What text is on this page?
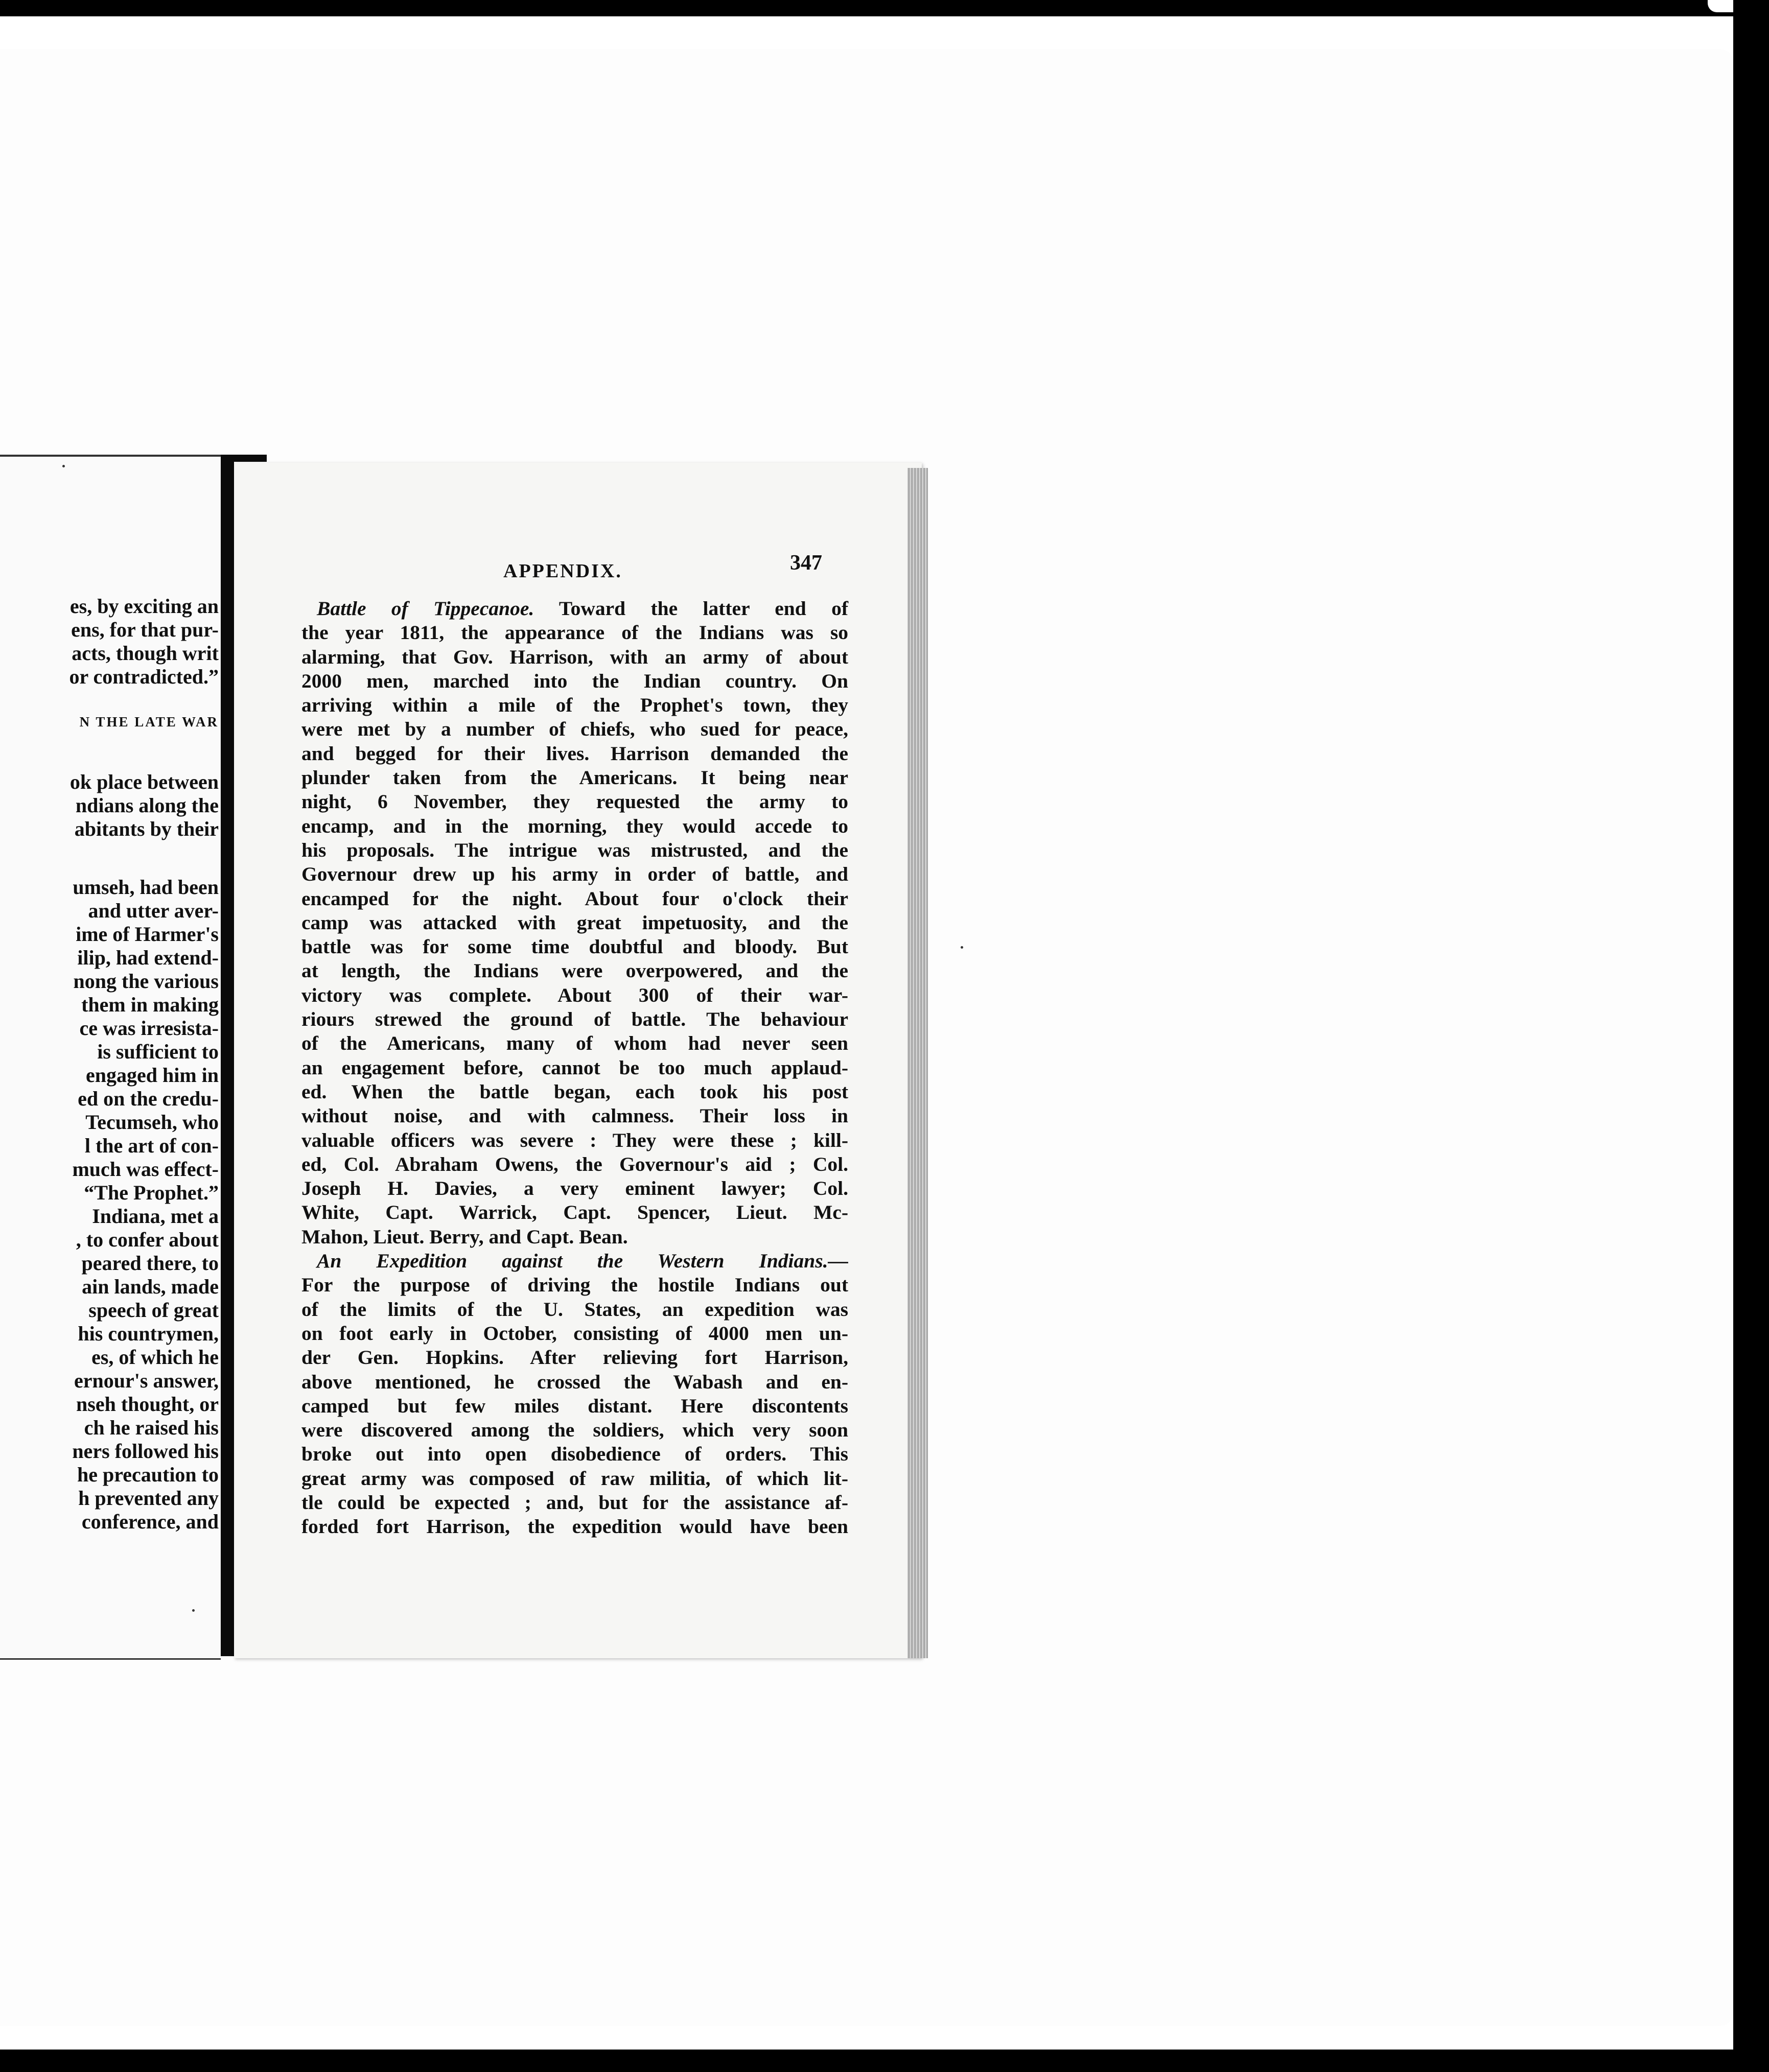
es, by exciting an
ens, for that pur-
acts, though writ
or contradicted.”
N THE LATE WAR
ok place between
ndians along the
abitants by their
umseh, had been
and utter aver-
ime of Harmer's
ilip, had extend-
nong the various
them in making
ce was irresista-
is sufficient to
engaged him in
ed on the credu-
Tecumseh, who
l the art of con-
much was effect-
“The Prophet.”
Indiana, met a
, to confer about
peared there, to
ain lands, made
speech of great
his countrymen,
es, of which he
ernour's answer,
nseh thought, or
ch he raised his
ners followed his
he precaution to
h prevented any
conference, and
APPENDIX.	347
Battle of Tippecanoe. Toward the latter end of
the year 1811, the appearance of the Indians was so
alarming, that Gov. Harrison, with an army of about
2000 men, marched into the Indian country. On
arriving within a mile of the Prophet's town, they
were met by a number of chiefs, who sued for peace,
and begged for their lives. Harrison demanded the
plunder taken from the Americans. It being near
night, 6 November, they requested the army to
encamp, and in the morning, they would accede to
his proposals. The intrigue was mistrusted, and the
Governour drew up his army in order of battle, and
encamped for the night. About four o'clock their
camp was attacked with great impetuosity, and the
battle was for some time doubtful and bloody. But
at length, the Indians were overpowered, and the
victory was complete. About 300 of their war-
riours strewed the ground of battle. The behaviour
of the Americans, many of whom had never seen
an engagement before, cannot be too much applaud-
ed. When the battle began, each took his post
without noise, and with calmness. Their loss in
valuable officers was severe : They were these ; kill-
ed, Col. Abraham Owens, the Governour's aid ; Col.
Joseph H. Davies, a very eminent lawyer; Col.
White, Capt. Warrick, Capt. Spencer, Lieut. Mc-
Mahon, Lieut. Berry, and Capt. Bean.
An Expedition against the Western Indians.—
For the purpose of driving the hostile Indians out
of the limits of the U. States, an expedition was
on foot early in October, consisting of 4000 men un-
der Gen. Hopkins. After relieving fort Harrison,
above mentioned, he crossed the Wabash and en-
camped but few miles distant. Here discontents
were discovered among the soldiers, which very soon
broke out into open disobedience of orders. This
great army was composed of raw militia, of which lit-
tle could be expected ; and, but for the assistance af-
forded fort Harrison, the expedition would have been
